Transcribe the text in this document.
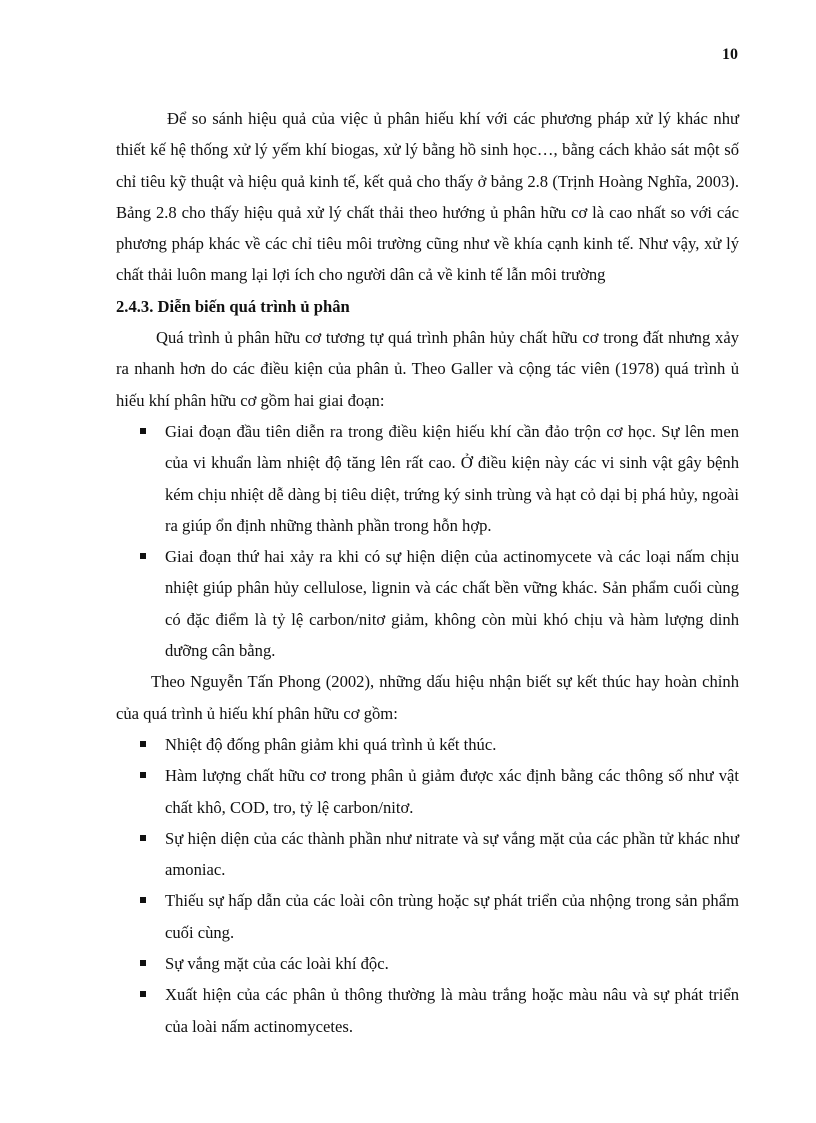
10

Để so sánh hiệu quả của việc ủ phân hiếu khí với các phương pháp xử lý khác như thiết kế hệ thống xử lý yếm khí biogas, xử lý bằng hồ sinh học…, bằng cách khảo sát một số chỉ tiêu kỹ thuật và hiệu quả kinh tế, kết quả cho thấy ở bảng 2.8 (Trịnh Hoàng Nghĩa, 2003). Bảng 2.8 cho thấy hiệu quả xử lý chất thải theo hướng ủ phân hữu cơ là cao nhất so với các phương pháp khác về các chỉ tiêu môi trường cũng như về khía cạnh kinh tế. Như vậy, xử lý chất thải luôn mang lại lợi ích cho người dân cả về kinh tế lẫn môi trường

2.4.3. Diễn biến quá trình ủ phân

Quá trình ủ phân hữu cơ tương tự quá trình phân hủy chất hữu cơ trong đất nhưng xảy ra nhanh hơn do các điều kiện của phân ủ. Theo Galler và cộng tác viên (1978) quá trình ủ hiếu khí phân hữu cơ gồm hai giai đoạn:

Giai đoạn đầu tiên diễn ra trong điều kiện hiếu khí cần đảo trộn cơ học. Sự lên men của vi khuẩn làm nhiệt độ tăng lên rất cao. Ở điều kiện này các vi sinh vật gây bệnh kém chịu nhiệt dễ dàng bị tiêu diệt, trứng ký sinh trùng và hạt cỏ dại bị phá hủy, ngoài ra giúp ổn định những thành phần trong hỗn hợp.
Giai đoạn thứ hai xảy ra khi có sự hiện diện của actinomycete và các loại nấm chịu nhiệt giúp phân hủy cellulose, lignin và các chất bền vững khác. Sản phẩm cuối cùng có đặc điểm là tỷ lệ carbon/nitơ giảm, không còn mùi khó chịu và hàm lượng dinh dưỡng cân bằng.

Theo Nguyễn Tấn Phong (2002), những dấu hiệu nhận biết sự kết thúc hay hoàn chỉnh của quá trình ủ hiếu khí phân hữu cơ gồm:

Nhiệt độ đống phân giảm khi quá trình ủ kết thúc.
Hàm lượng chất hữu cơ trong phân ủ giảm được xác định bằng các thông số như vật chất khô, COD, tro, tỷ lệ carbon/nitơ.
Sự hiện diện của các thành phần như nitrate và sự vắng mặt của các phần tử khác như amoniac.
Thiếu sự hấp dẫn của các loài côn trùng hoặc sự phát triển của nhộng trong sản phẩm cuối cùng.
Sự vắng mặt của các loài khí độc.
Xuất hiện của các phân ủ thông thường là màu trắng hoặc màu nâu và sự phát triển của loài nấm actinomycetes.
